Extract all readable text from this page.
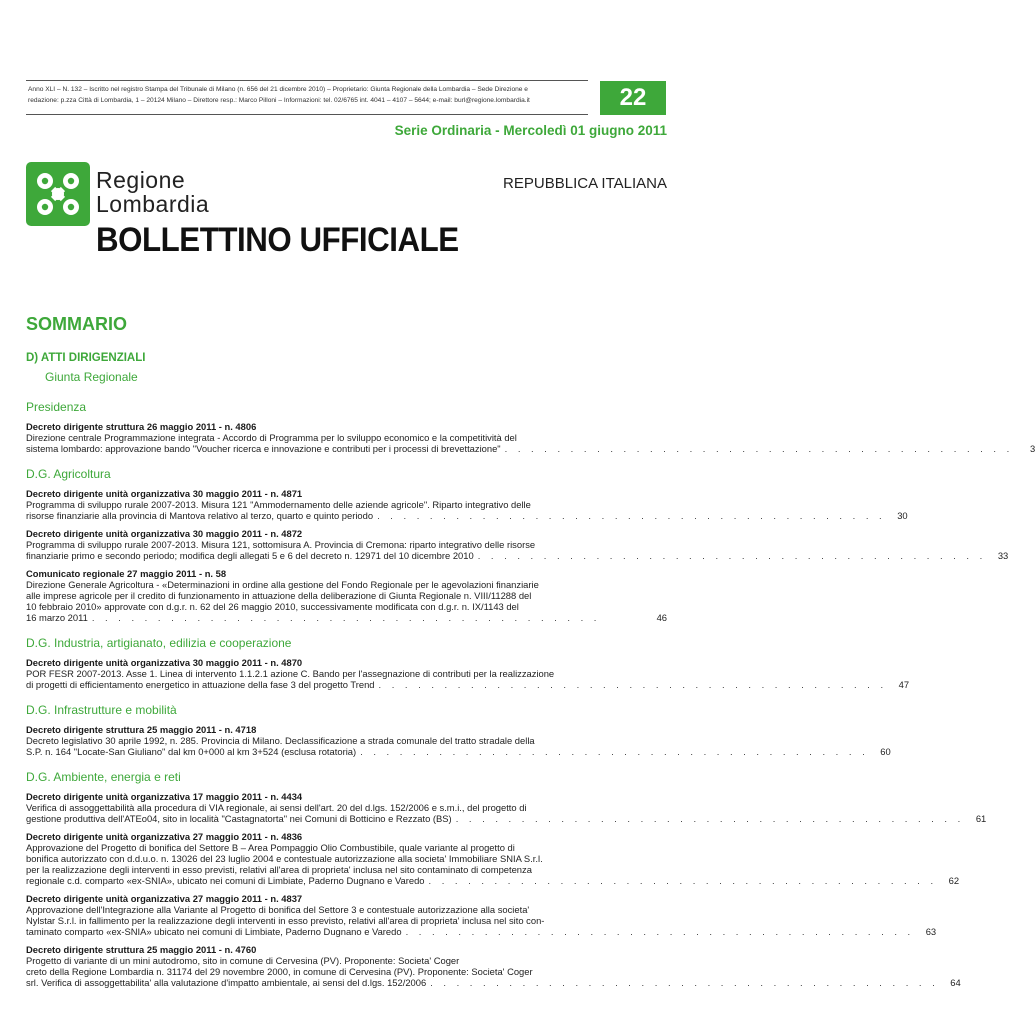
Anno XLI – N. 132 – Iscritto nel registro Stampa del Tribunale di Milano (n. 656 del 21 dicembre 2010) – Proprietario: Giunta Regionale della Lombardia – Sede Direzione e
redazione: p.zza Città di Lombardia, 1 – 20124 Milano – Direttore resp.: Marco Pilloni – Informazioni: tel. 02/6765 int. 4041 – 4107 – 5644; e-mail: burl@regione.lombardia.it	22
Serie Ordinaria - Mercoledì 01 giugno 2011
Regione
Lombardia
REPUBBLICA ITALIANA
BOLLETTINO UFFICIALE
SOMMARIO
D) ATTI DIRIGENZIALI
Giunta Regionale
Presidenza
Decreto dirigente struttura 26 maggio 2011 - n. 4806
Direzione centrale Programmazione integrata - Accordo di Programma per lo sviluppo economico e la competitività del
sistema lombardo: approvazione bando "Voucher ricerca e innovazione e contributi per i processi di brevettazione" . . . . . . . . . . . . . . . . . . . . . . . . . . . . . . . . . . . . . . .	3
D.G. Agricoltura
Decreto dirigente unità organizzativa 30 maggio 2011 - n. 4871
Programma di sviluppo rurale 2007-2013. Misura 121 "Ammodernamento delle aziende agricole". Riparto integrativo delle
risorse finanziarie alla provincia di Mantova relativo al terzo, quarto e quinto periodo . . . . . . . . . . . . . . . . . . . . . . . . . . . . . . . . . . . . . . .	30
Decreto dirigente unità organizzativa 30 maggio 2011 - n. 4872
Programma di sviluppo rurale 2007-2013. Misura 121, sottomisura A. Provincia di Cremona: riparto integrativo delle risorse
finanziarie primo e secondo periodo; modifica degli allegati 5 e 6 del decreto n. 12971 del 10 dicembre 2010 . . . . . . . . . . . . . . . . . . . . . . . . . . . . . . . . . . . . . . .	33
Comunicato regionale 27 maggio 2011 - n. 58
Direzione Generale Agricoltura - «Determinazioni in ordine alla gestione del Fondo Regionale per le agevolazioni finanziarie
alle imprese agricole per il credito di funzionamento in attuazione della deliberazione di Giunta Regionale n. VIII/11288 del
10 febbraio 2010» approvate con d.g.r. n. 62 del 26 maggio 2010, successivamente modificata con d.g.r. n. IX/1143 del
16 marzo 2011 . . . . . . . . . . . . . . . . . . . . . . . . . . . . . . . . . . . . . . .	46
D.G. Industria, artigianato, edilizia e cooperazione
Decreto dirigente unità organizzativa 30 maggio 2011 - n. 4870
POR FESR 2007-2013. Asse 1. Linea di intervento 1.1.2.1 azione C. Bando per l'assegnazione di contributi per la realizzazione
di progetti di efficientamento energetico in attuazione della fase 3 del progetto Trend . . . . . . . . . . . . . . . . . . . . . . . . . . . . . . . . . . . . . . .	47
D.G. Infrastrutture e mobilità
Decreto dirigente struttura 25 maggio 2011 - n. 4718
Decreto legislativo 30 aprile 1992, n. 285. Provincia di Milano. Declassificazione a strada comunale del tratto stradale della
S.P. n. 164 "Locate-San Giuliano" dal km 0+000 al km 3+524 (esclusa rotatoria) . . . . . . . . . . . . . . . . . . . . . . . . . . . . . . . . . . . . . . .	60
D.G. Ambiente, energia e reti
Decreto dirigente unità organizzativa 17 maggio 2011 - n. 4434
Verifica di assoggettabilità alla procedura di VIA regionale, ai sensi dell'art. 20 del d.lgs. 152/2006 e s.m.i., del progetto di
gestione produttiva dell'ATEo04, sito in località "Castagnatorta" nei Comuni di Botticino e Rezzato (BS) . . . . . . . . . . . . . . . . . . . . . . . . . . . . . . . . . . . . . . .	61
Decreto dirigente unità organizzativa 27 maggio 2011 - n. 4836
Approvazione del Progetto di bonifica del Settore B – Area Pompaggio Olio Combustibile, quale variante al progetto di
bonifica autorizzato con d.d.u.o. n. 13026 del 23 luglio 2004 e contestuale autorizzazione alla societa' Immobiliare SNIA S.r.l.
per la realizzazione degli interventi in esso previsti, relativi all'area di proprieta' inclusa nel sito contaminato di competenza
regionale c.d. comparto «ex-SNIA», ubicato nei comuni di Limbiate, Paderno Dugnano e Varedo . . . . . . . . . . . . . . . . . . . . . . . . . . . . . . . . . . . . . . .	62
Decreto dirigente unità organizzativa 27 maggio 2011 - n. 4837
Approvazione dell'Integrazione alla Variante al Progetto di bonifica del Settore 3 e contestuale autorizzazione alla societa'
Nylstar S.r.l. in fallimento per la realizzazione degli interventi in esso previsto, relativi all'area di proprieta' inclusa nel sito con-
taminato comparto «ex-SNIA» ubicato nei comuni di Limbiate, Paderno Dugnano e Varedo . . . . . . . . . . . . . . . . . . . . . . . . . . . . . . . . . . . . . . .	63
Decreto dirigente struttura 25 maggio 2011 - n. 4760
Progetto di variante di un mini autodromo, sito in comune di Cervesina (PV). Proponente: Societa' Coger
creto della Regione Lombardia n. 31174 del 29 novembre 2000, in comune di Cervesina (PV). Proponente: Societa' Coger
srl. Verifica di assoggettabilita' alla valutazione d'impatto ambientale, ai sensi del d.lgs. 152/2006 . . . . . . . . . . . . . . . . . . . . . . . . . . . . . . . . . . . . . . .	64
